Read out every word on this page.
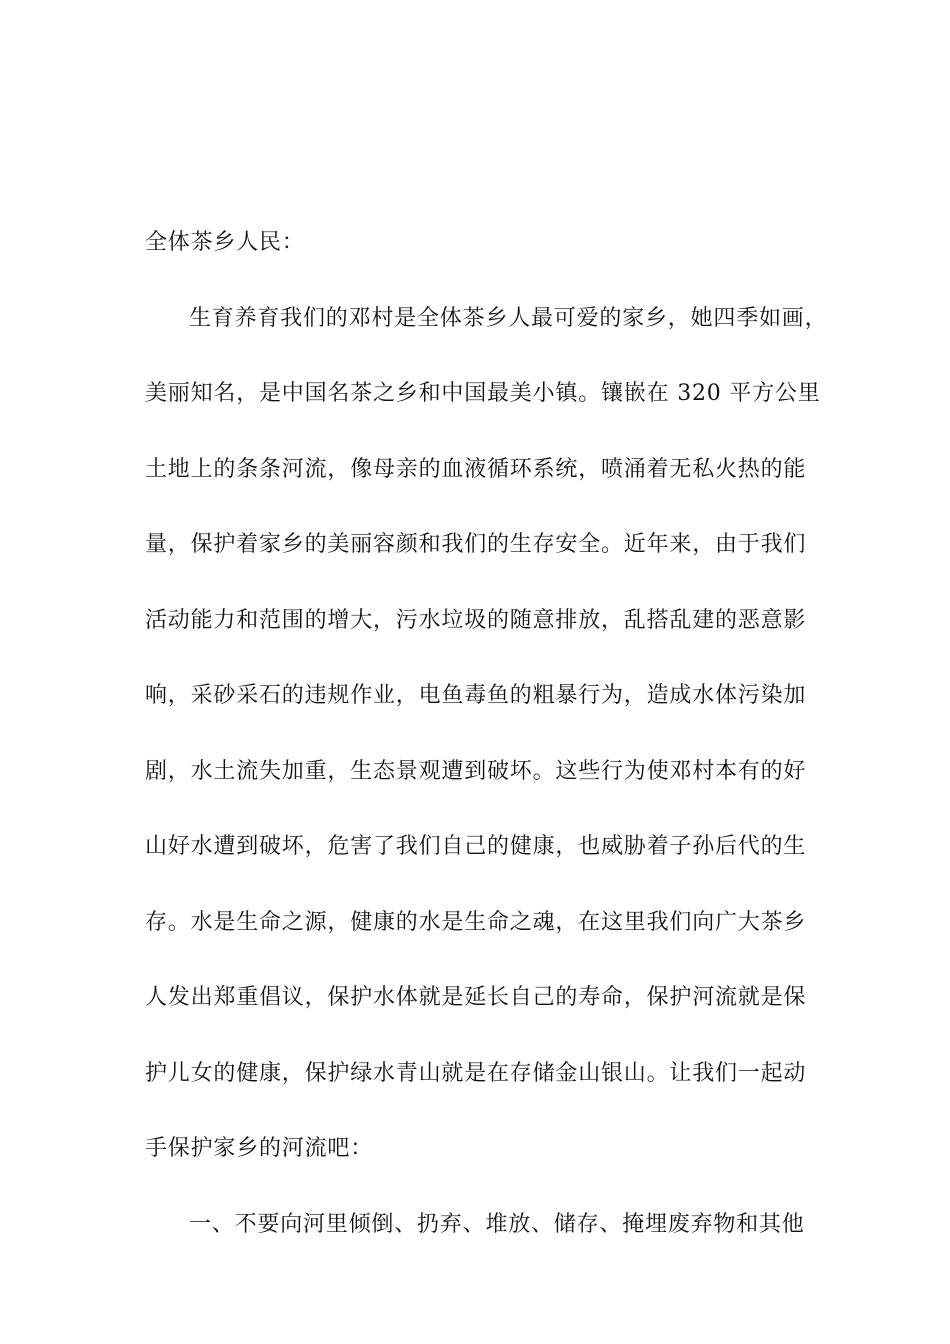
全体茶乡人民：
生育养育我们的邓村是全体茶乡人最可爱的家乡，她四季如画，
美丽知名，是中国名茶之乡和中国最美小镇。镶嵌在 320 平方公里
土地上的条条河流，像母亲的血液循环系统，喷涌着无私火热的能
量，保护着家乡的美丽容颜和我们的生存安全。近年来，由于我们
活动能力和范围的增大，污水垃圾的随意排放，乱搭乱建的恶意影
响，采砂采石的违规作业，电鱼毒鱼的粗暴行为，造成水体污染加
剧，水土流失加重，生态景观遭到破坏。这些行为使邓村本有的好
山好水遭到破坏，危害了我们自己的健康，也威胁着子孙后代的生
存。水是生命之源，健康的水是生命之魂，在这里我们向广大茶乡
人发出郑重倡议，保护水体就是延长自己的寿命，保护河流就是保
护儿女的健康，保护绿水青山就是在存储金山银山。让我们一起动
手保护家乡的河流吧：
一、不要向河里倾倒、扔弃、堆放、储存、掩埋废弃物和其他
